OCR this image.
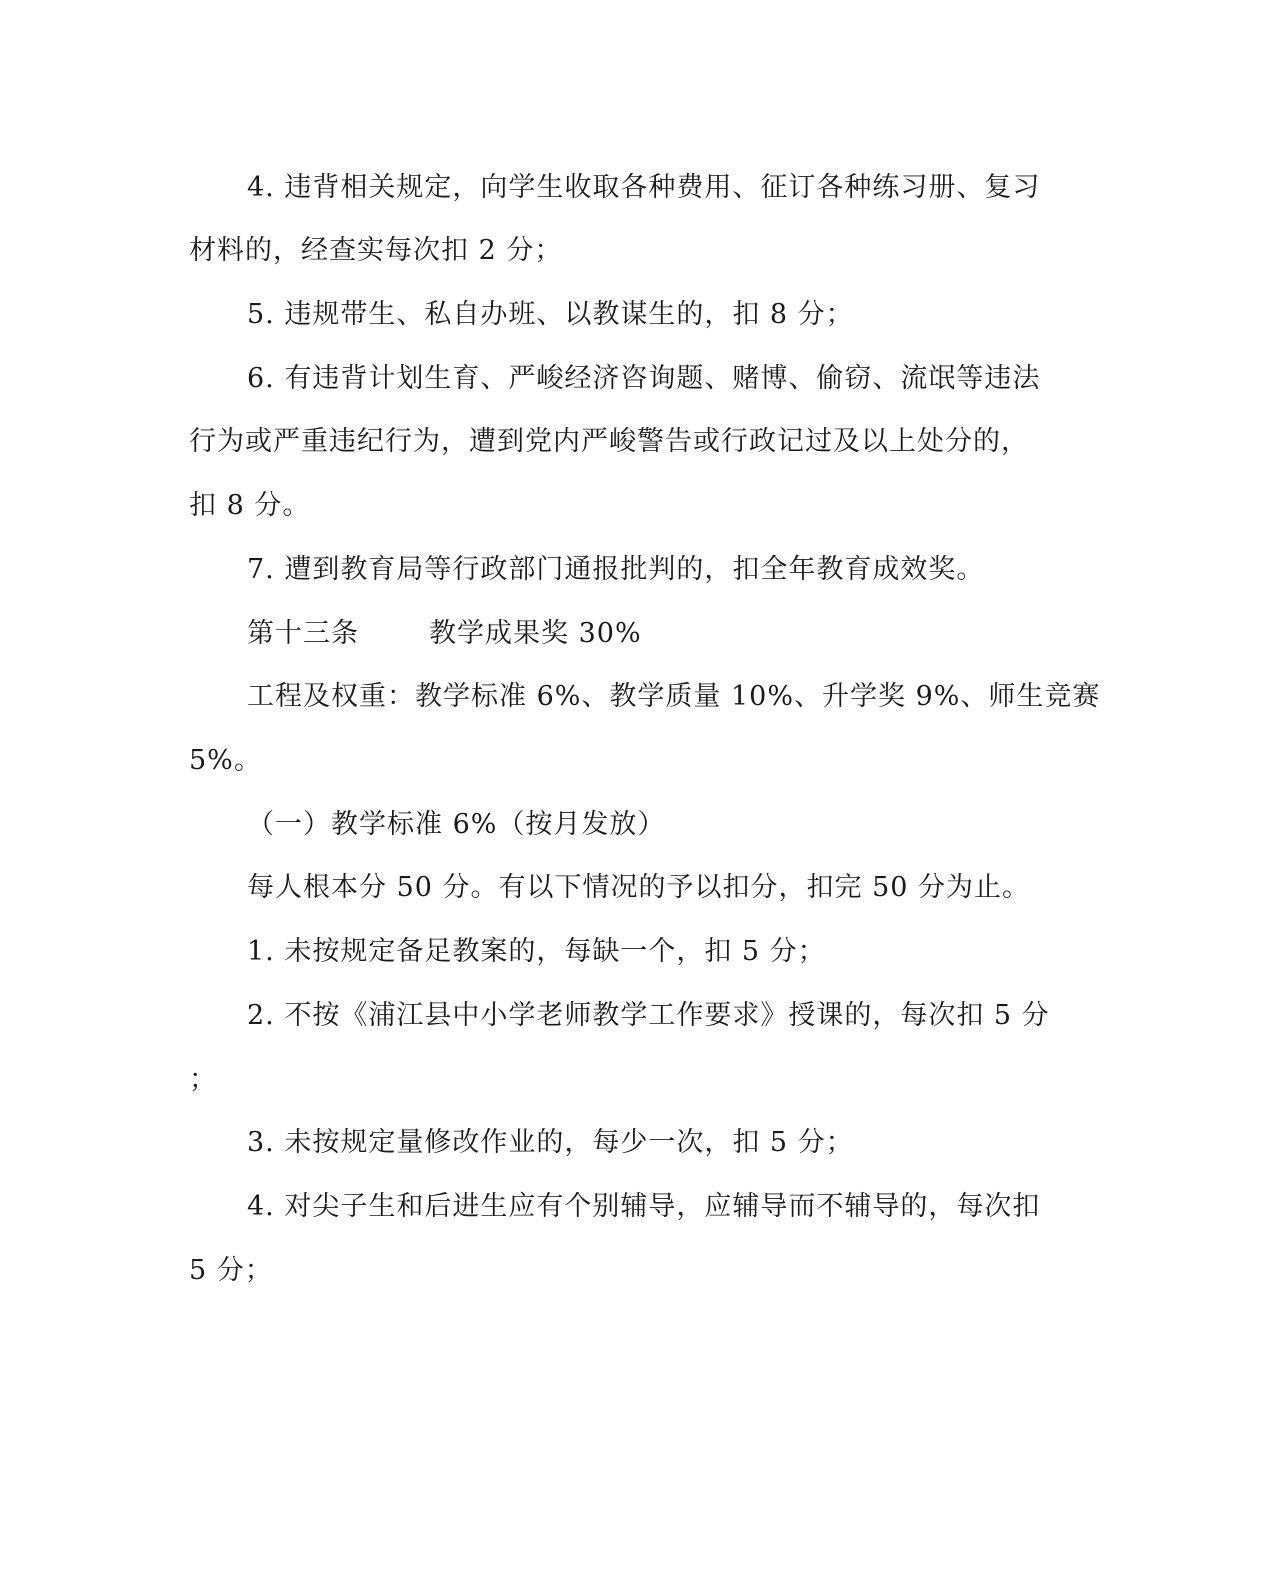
4. 违背相关规定，向学生收取各种费用、征订各种练习册、复习
材料的，经查实每次扣 2 分；
5. 违规带生、私自办班、以教谋生的，扣 8 分；
6. 有违背计划生育、严峻经济咨询题、赌博、偷窃、流氓等违法
行为或严重违纪行为，遭到党内严峻警告或行政记过及以上处分的，
扣 8 分。
7. 遭到教育局等行政部门通报批判的，扣全年教育成效奖。
第十三条	教学成果奖 30%
工程及权重：教学标准 6%、教学质量 10%、升学奖 9%、师生竞赛
5%。
（一）教学标准 6%（按月发放）
每人根本分 50 分。有以下情况的予以扣分，扣完 50 分为止。
1. 未按规定备足教案的，每缺一个，扣 5 分；
2. 不按《浦江县中小学老师教学工作要求》授课的，每次扣 5 分
；
3. 未按规定量修改作业的，每少一次，扣 5 分；
4. 对尖子生和后进生应有个别辅导，应辅导而不辅导的，每次扣
5 分；
